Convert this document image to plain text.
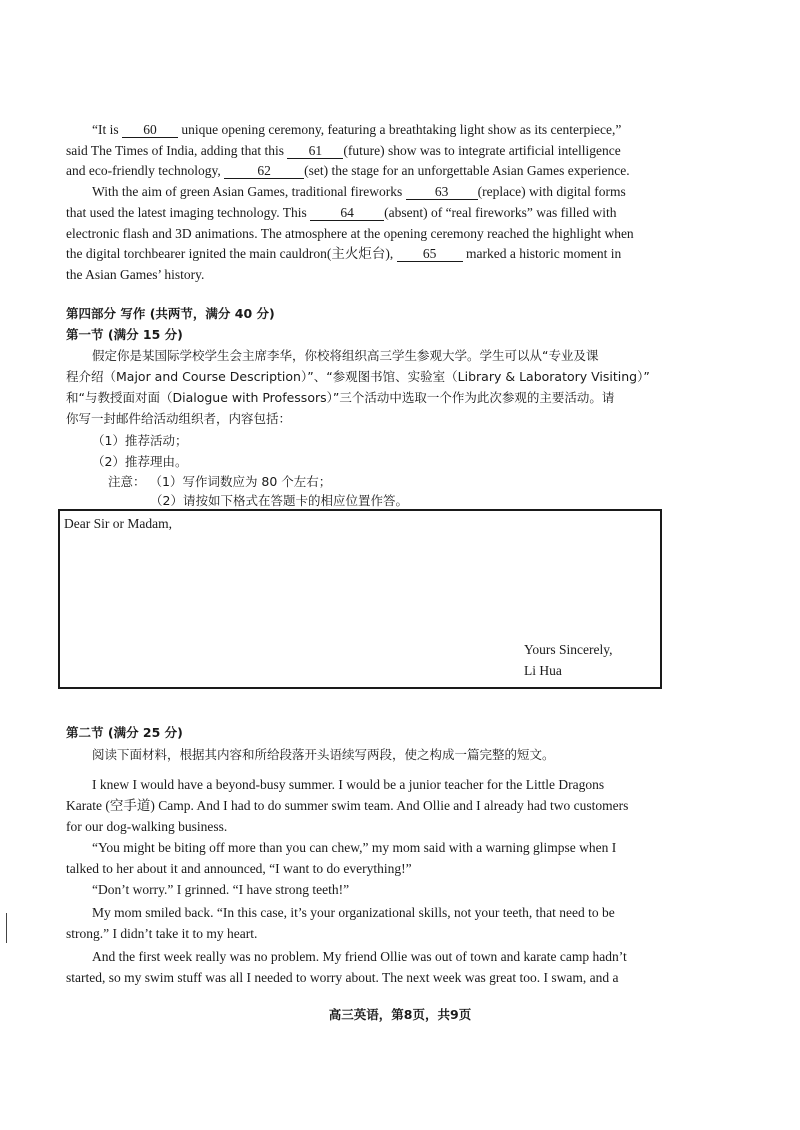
“It is 60 unique opening ceremony, featuring a breathtaking light show as its centerpiece,”
said The Times of India, adding that this 61 (future) show was to integrate artificial intelligence
and eco-friendly technology,	62 (set) the stage for an unforgettable Asian Games experience.
With the aim of green Asian Games, traditional fireworks 63 (replace) with digital forms
that used the latest imaging technology. This 64 (absent) of “real fireworks” was filled with
electronic flash and 3D animations. The atmosphere at the opening ceremony reached the highlight when
the digital torchbearer ignited the main cauldron(主火炬台), 65 marked a historic moment in
the Asian Games’ history.
第四部分 写作 (共两节，满分 40 分)
第一节 (满分 15 分)
假定你是某国际学校学生会主席李华，你校将组织高三学生参观大学。学生可以从“专业及课
程介绍（Major and Course Description）”、“参观图书馆、实验室（Library & Laboratory Visiting）”
和“与教授面对面（Dialogue with Professors）”三个活动中选取一个作为此次参观的主要活动。请
你写一封邮件给活动组织者，内容包括：
（1）推荐活动；
（2）推荐理由。
注意： （1）写作词数应为 80 个左右；
（2）请按如下格式在答题卡的相应位置作答。
Dear Sir or Madam,
Yours Sincerely,
Li Hua
第二节 (满分 25 分)
阅读下面材料，根据其内容和所给段落开头语续写两段，使之构成一篇完整的短文。
I knew I would have a beyond-busy summer. I would be a junior teacher for the Little Dragons
Karate (空手道) Camp. And I had to do summer swim team. And Ollie and I already had two customers
for our dog-walking business.
“You might be biting off more than you can chew,” my mom said with a warning glimpse when I
talked to her about it and announced, “I want to do everything!”
“Don’t worry.” I grinned. “I have strong teeth!”
My mom smiled back. “In this case, it’s your organizational skills, not your teeth, that need to be
strong.” I didn’t take it to my heart.
And the first week really was no problem. My friend Ollie was out of town and karate camp hadn’t
started, so my swim stuff was all I needed to worry about. The next week was great too. I swam, and a
高三英语，第8页，共9页
